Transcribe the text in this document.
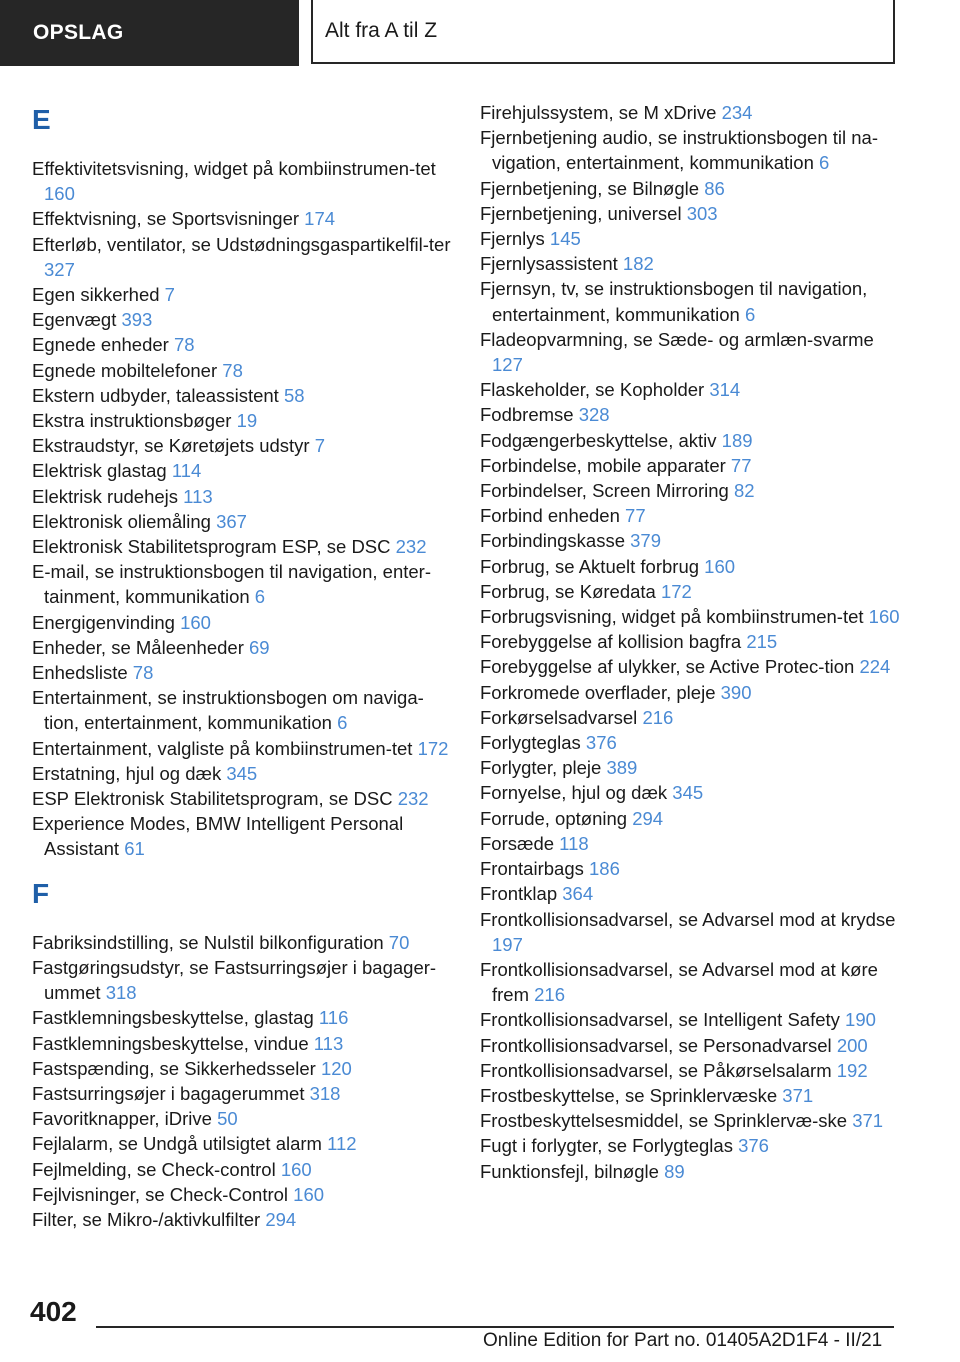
OPSLAG	Alt fra A til Z
E

Effektivitetsvisning, widget på kombiinstrumen-tet 160

Effektvisning, se Sportsvisninger 174

Efterløb, ventilator, se Udstødningsgaspartikelfil-ter 327

Egen sikkerhed 7

Egenvægt 393

Egnede enheder 78

Egnede mobiltelefoner 78

Ekstern udbyder, taleassistent 58

Ekstra instruktionsbøger 19

Ekstraudstyr, se Køretøjets udstyr 7

Elektrisk glastag 114

Elektrisk rudehejs 113

Elektronisk oliemåling 367

Elektronisk Stabilitetsprogram ESP, se DSC 232

E-mail, se instruktionsbogen til navigation, enter-tainment, kommunikation 6

Energigenvinding 160

Enheder, se Måleenheder 69

Enhedsliste 78

Entertainment, se instruktionsbogen om naviga-tion, entertainment, kommunikation 6

Entertainment, valgliste på kombiinstrumen-tet 172

Erstatning, hjul og dæk 345

ESP Elektronisk Stabilitetsprogram, se DSC 232

Experience Modes, BMW Intelligent Personal Assistant 61

F

Fabriksindstilling, se Nulstil bilkonfiguration 70

Fastgøringsudstyr, se Fastsurringsøjer i bagager-ummet 318

Fastklemningsbeskyttelse, glastag 116

Fastklemningsbeskyttelse, vindue 113

Fastspænding, se Sikkerhedsseler 120

Fastsurringsøjer i bagagerummet 318

Favoritknapper, iDrive 50

Fejlalarm, se Undgå utilsigtet alarm 112

Fejlmelding, se Check-control 160

Fejlvisninger, se Check-Control 160

Filter, se Mikro-/aktivkulfilter 294

Firehjulssystem, se M xDrive 234

Fjernbetjening audio, se instruktionsbogen til na-vigation, entertainment, kommunikation 6

Fjernbetjening, se Bilnøgle 86

Fjernbetjening, universel 303

Fjernlys 145

Fjernlysassistent 182

Fjernsyn, tv, se instruktionsbogen til navigation, entertainment, kommunikation 6

Fladeopvarmning, se Sæde- og armlæn-svarme 127

Flaskeholder, se Kopholder 314

Fodbremse 328

Fodgængerbeskyttelse, aktiv 189

Forbindelse, mobile apparater 77

Forbindelser, Screen Mirroring 82

Forbind enheden 77

Forbindingskasse 379

Forbrug, se Aktuelt forbrug 160

Forbrug, se Køredata 172

Forbrugsvisning, widget på kombiinstrumen-tet 160

Forebyggelse af kollision bagfra 215

Forebyggelse af ulykker, se Active Protec-tion 224

Forkromede overflader, pleje 390

Forkørselsadvarsel 216

Forlygteglas 376

Forlygter, pleje 389

Fornyelse, hjul og dæk 345

Forrude, optøning 294

Forsæde 118

Frontairbags 186

Frontklap 364

Frontkollisionsadvarsel, se Advarsel mod at krydse 197

Frontkollisionsadvarsel, se Advarsel mod at køre frem 216

Frontkollisionsadvarsel, se Intelligent Safety 190

Frontkollisionsadvarsel, se Personadvarsel 200

Frontkollisionsadvarsel, se Påkørselsalarm 192

Frostbeskyttelse, se Sprinklervæske 371

Frostbeskyttelsesmiddel, se Sprinklervæ-ske 371

Fugt i forlygter, se Forlygteglas 376

Funktionsfejl, bilnøgle 89

402
Online Edition for Part no. 01405A2D1F4 - II/21
